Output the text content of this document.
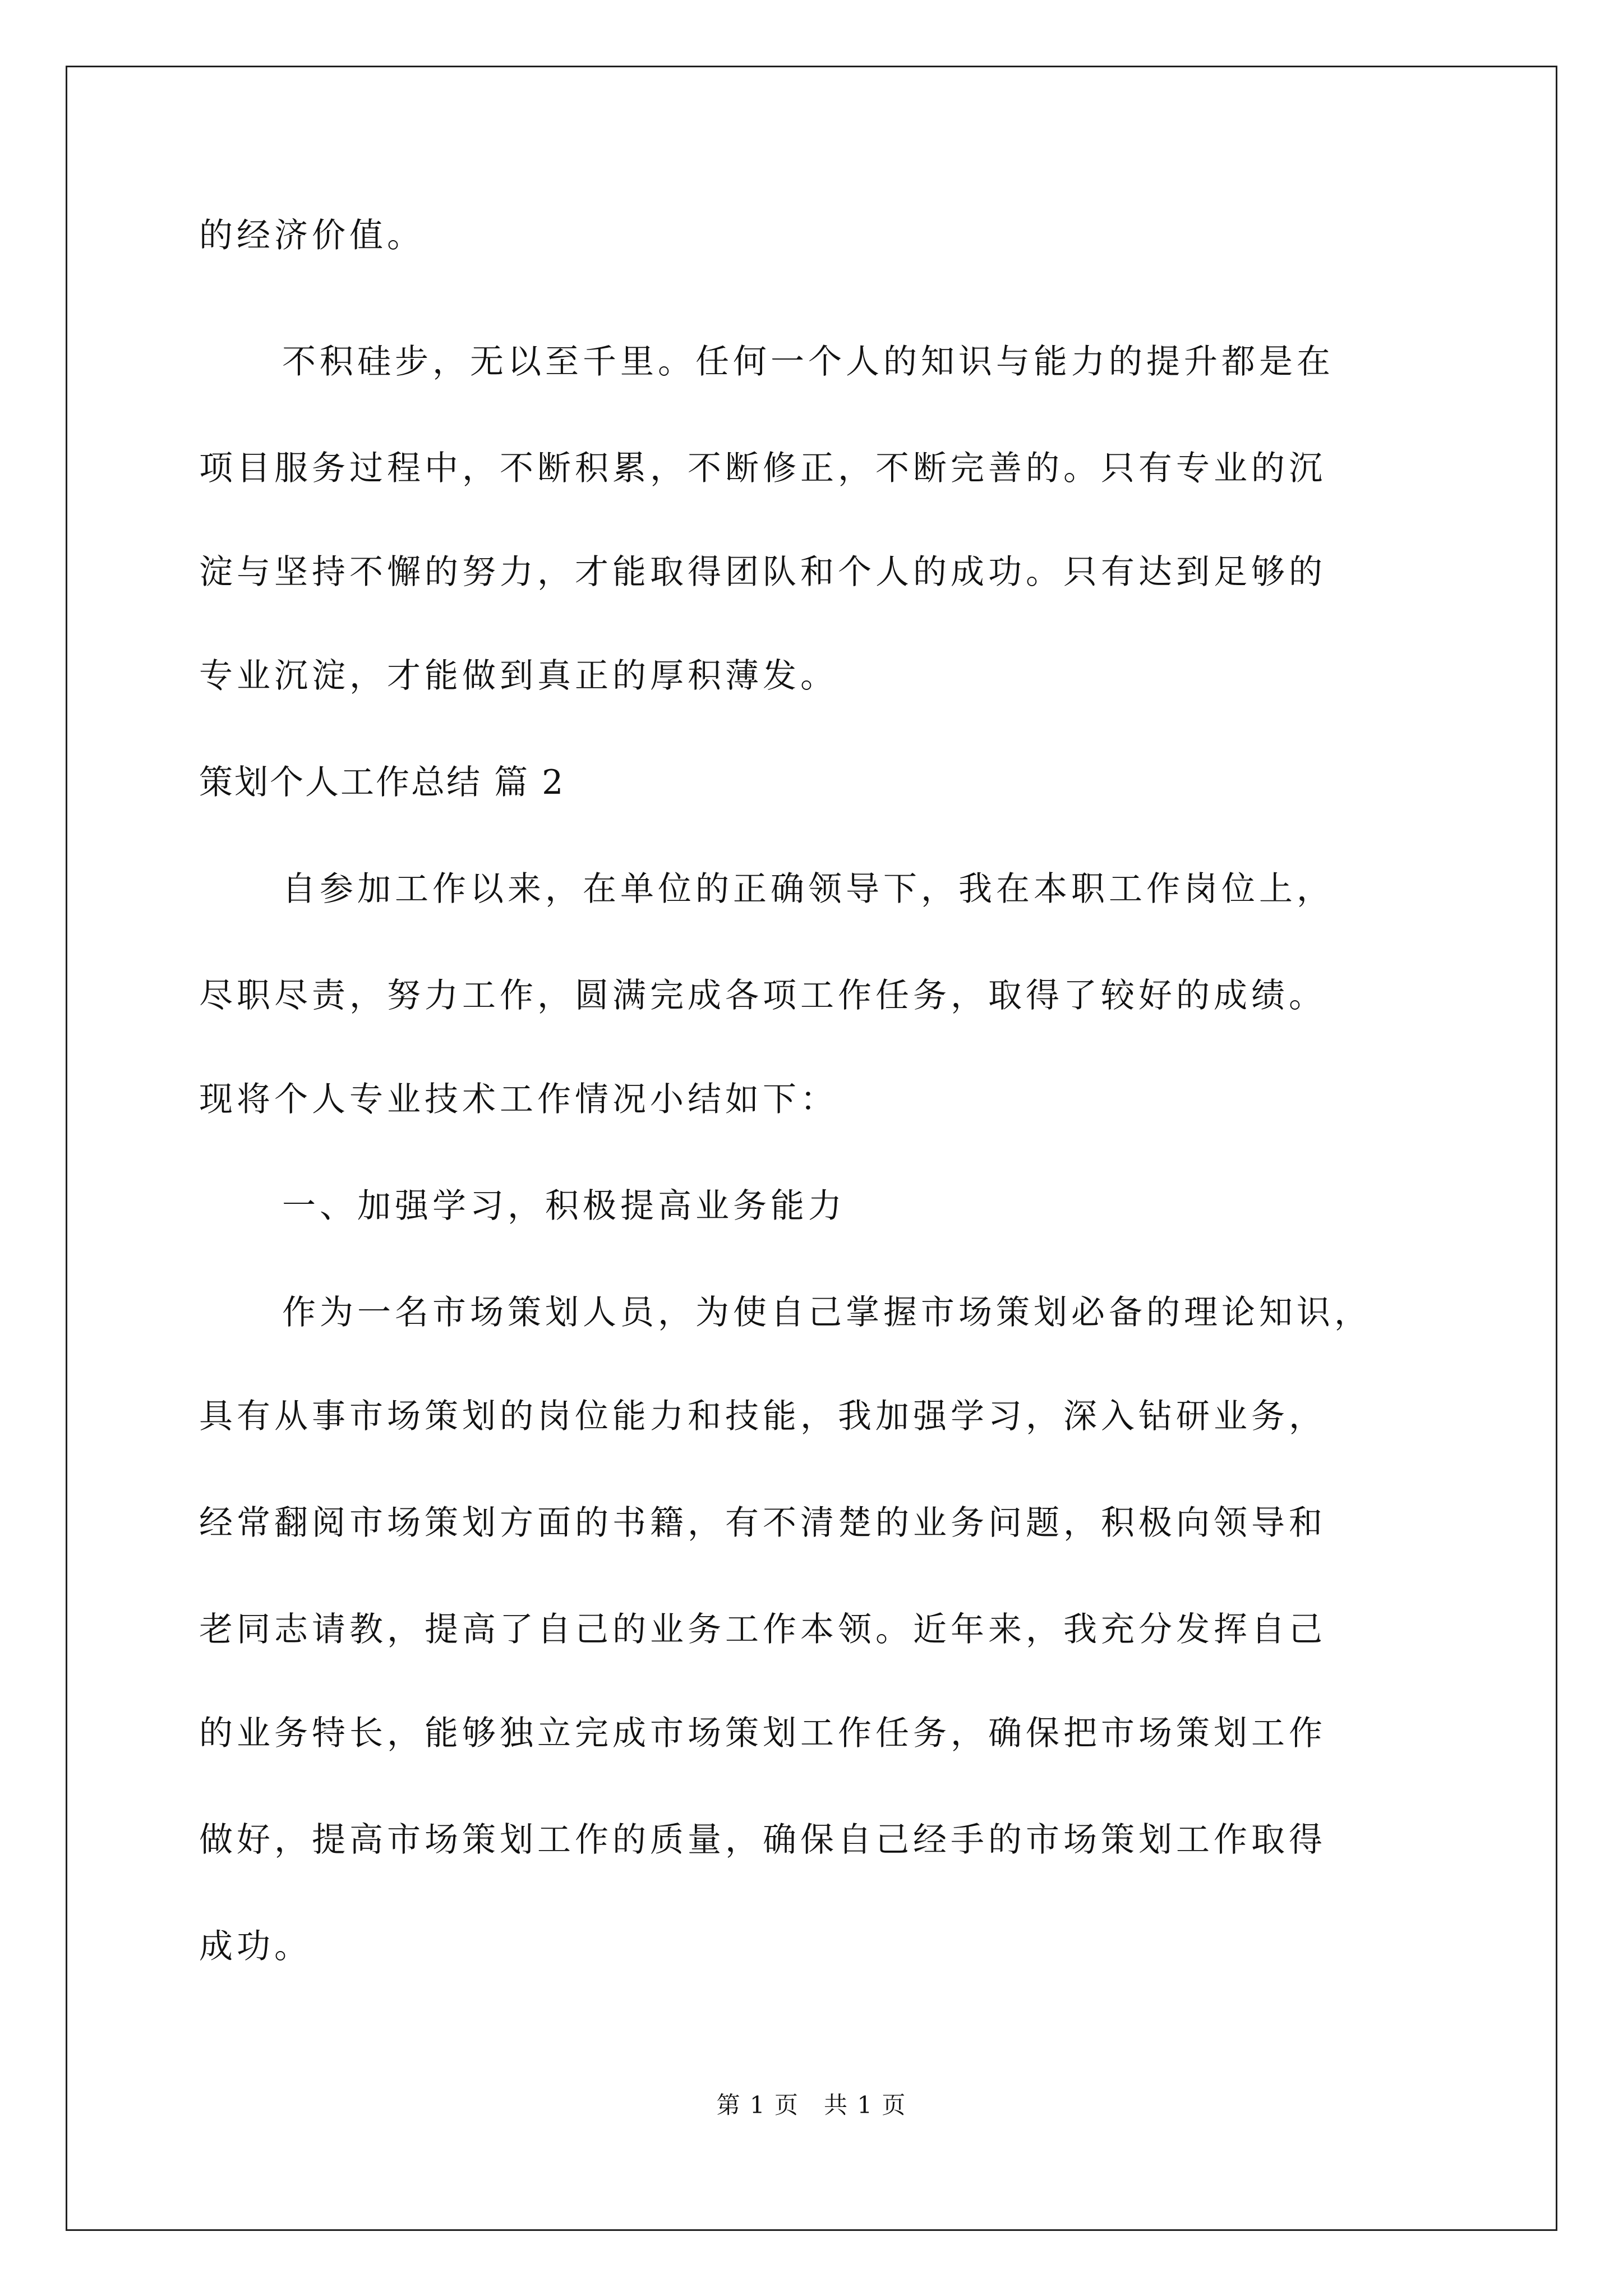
的经济价值。
不积硅步，无以至千里。任何一个人的知识与能力的提升都是在
项目服务过程中，不断积累，不断修正，不断完善的。只有专业的沉
淀与坚持不懈的努力，才能取得团队和个人的成功。只有达到足够的
专业沉淀，才能做到真正的厚积薄发。
策划个人工作总结 篇 2
自参加工作以来，在单位的正确领导下，我在本职工作岗位上，
尽职尽责，努力工作，圆满完成各项工作任务，取得了较好的成绩。
现将个人专业技术工作情况小结如下：
一、加强学习，积极提高业务能力
作为一名市场策划人员，为使自己掌握市场策划必备的理论知识，
具有从事市场策划的岗位能力和技能，我加强学习，深入钻研业务，
经常翻阅市场策划方面的书籍，有不清楚的业务问题，积极向领导和
老同志请教，提高了自己的业务工作本领。近年来，我充分发挥自己
的业务特长，能够独立完成市场策划工作任务，确保把市场策划工作
做好，提高市场策划工作的质量，确保自己经手的市场策划工作取得
成功。
第 1 页　共 1 页
